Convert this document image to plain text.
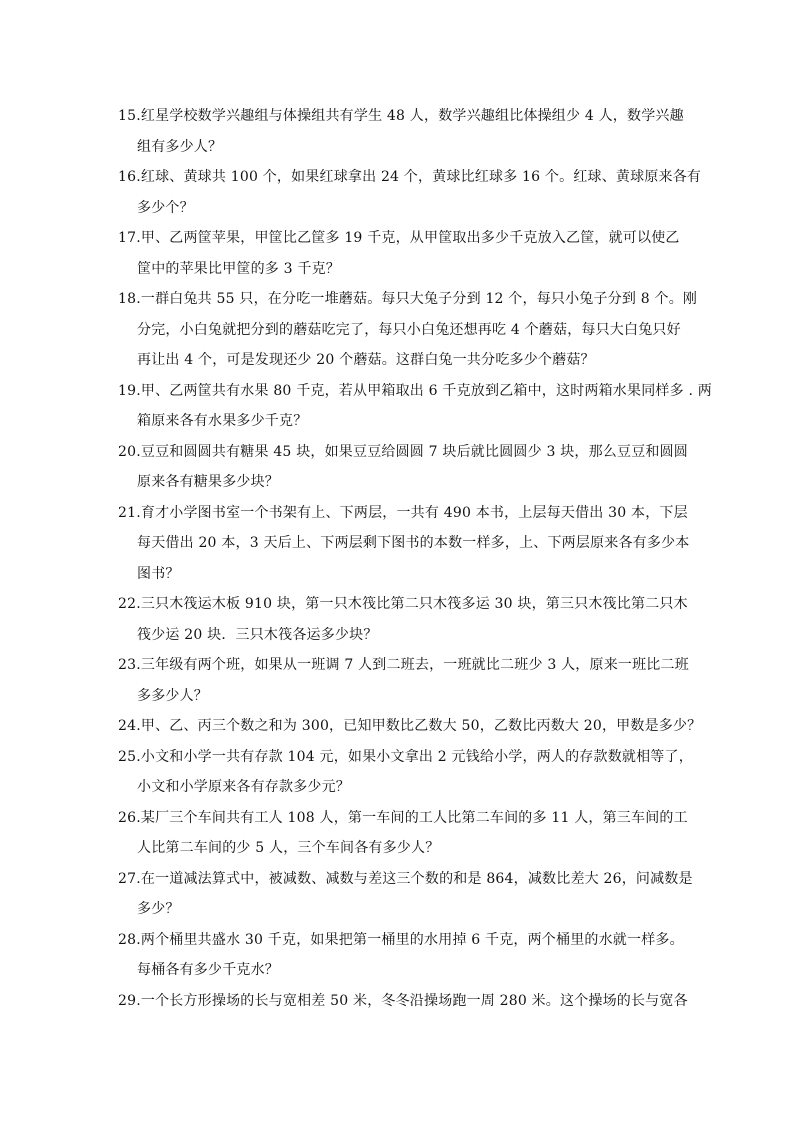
15.红星学校数学兴趣组与体操组共有学生 48 人，数学兴趣组比体操组少 4 人，数学兴趣
组有多少人？
16.红球、黄球共 100 个，如果红球拿出 24 个，黄球比红球多 16 个。红球、黄球原来各有
多少个？
17.甲、乙两筐苹果，甲筐比乙筐多 19 千克，从甲筐取出多少千克放入乙筐，就可以使乙
筐中的苹果比甲筐的多 3 千克？
18.一群白兔共 55 只，在分吃一堆蘑菇。每只大兔子分到 12 个，每只小兔子分到 8 个。刚
分完，小白兔就把分到的蘑菇吃完了，每只小白兔还想再吃 4 个蘑菇，每只大白兔只好
再让出 4 个，可是发现还少 20 个蘑菇。这群白兔一共分吃多少个蘑菇？
19.甲、乙两筐共有水果 80 千克，若从甲箱取出 6 千克放到乙箱中，这时两箱水果同样多 . 两
箱原来各有水果多少千克？
20.豆豆和圆圆共有糖果 45 块，如果豆豆给圆圆 7 块后就比圆圆少 3 块，那么豆豆和圆圆
原来各有糖果多少块？
21.育才小学图书室一个书架有上、下两层，一共有 490 本书，上层每天借出 30 本，下层
每天借出 20 本，3 天后上、下两层剩下图书的本数一样多，上、下两层原来各有多少本
图书？
22.三只木筏运木板 910 块，第一只木筏比第二只木筏多运 30 块，第三只木筏比第二只木
筏少运 20 块．三只木筏各运多少块？
23.三年级有两个班，如果从一班调 7 人到二班去，一班就比二班少 3 人，原来一班比二班
多多少人？
24.甲、乙、丙三个数之和为 300，已知甲数比乙数大 50，乙数比丙数大 20，甲数是多少？
25.小文和小学一共有存款 104 元，如果小文拿出 2 元钱给小学，两人的存款数就相等了，
小文和小学原来各有存款多少元？
26.某厂三个车间共有工人 108 人，第一车间的工人比第二车间的多 11 人，第三车间的工
人比第二车间的少 5 人，三个车间各有多少人？
27.在一道减法算式中，被减数、减数与差这三个数的和是 864，减数比差大 26，问减数是
多少？
28.两个桶里共盛水 30 千克，如果把第一桶里的水用掉 6 千克，两个桶里的水就一样多。
每桶各有多少千克水？
29.一个长方形操场的长与宽相差 50 米，冬冬沿操场跑一周 280 米。这个操场的长与宽各
